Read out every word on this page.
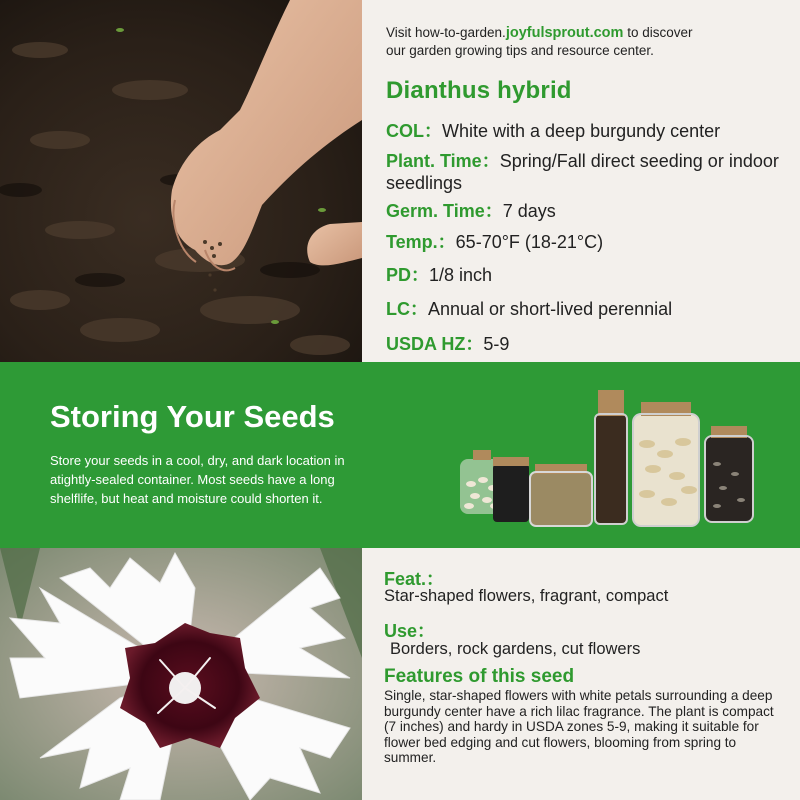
Visit how-to-garden.joyfulsprout.com to discover
our garden growing tips and resource center.
Dianthus hybrid
COL：White with a deep burgundy center
Plant. Time：Spring/Fall direct seeding or indoor seedlings
Germ. Time：7 days
Temp.：65-70°F (18-21°C)
PD：1/8 inch
LC：Annual or short-lived perennial
USDA HZ：5-9
Storing Your Seeds
Store your seeds in a cool, dry, and dark location in atightly-sealed container. Most seeds have a long shelflife, but heat and moisture could shorten it.
Feat.：
Star-shaped flowers, fragrant, compact
Use：
Borders, rock gardens, cut flowers
Features of this seed
Single, star-shaped flowers with white petals surrounding a deep burgundy center have a rich lilac fragrance. The plant is compact (7 inches) and hardy in USDA zones 5-9, making it suitable for flower bed edging and cut flowers, blooming from spring to summer.
